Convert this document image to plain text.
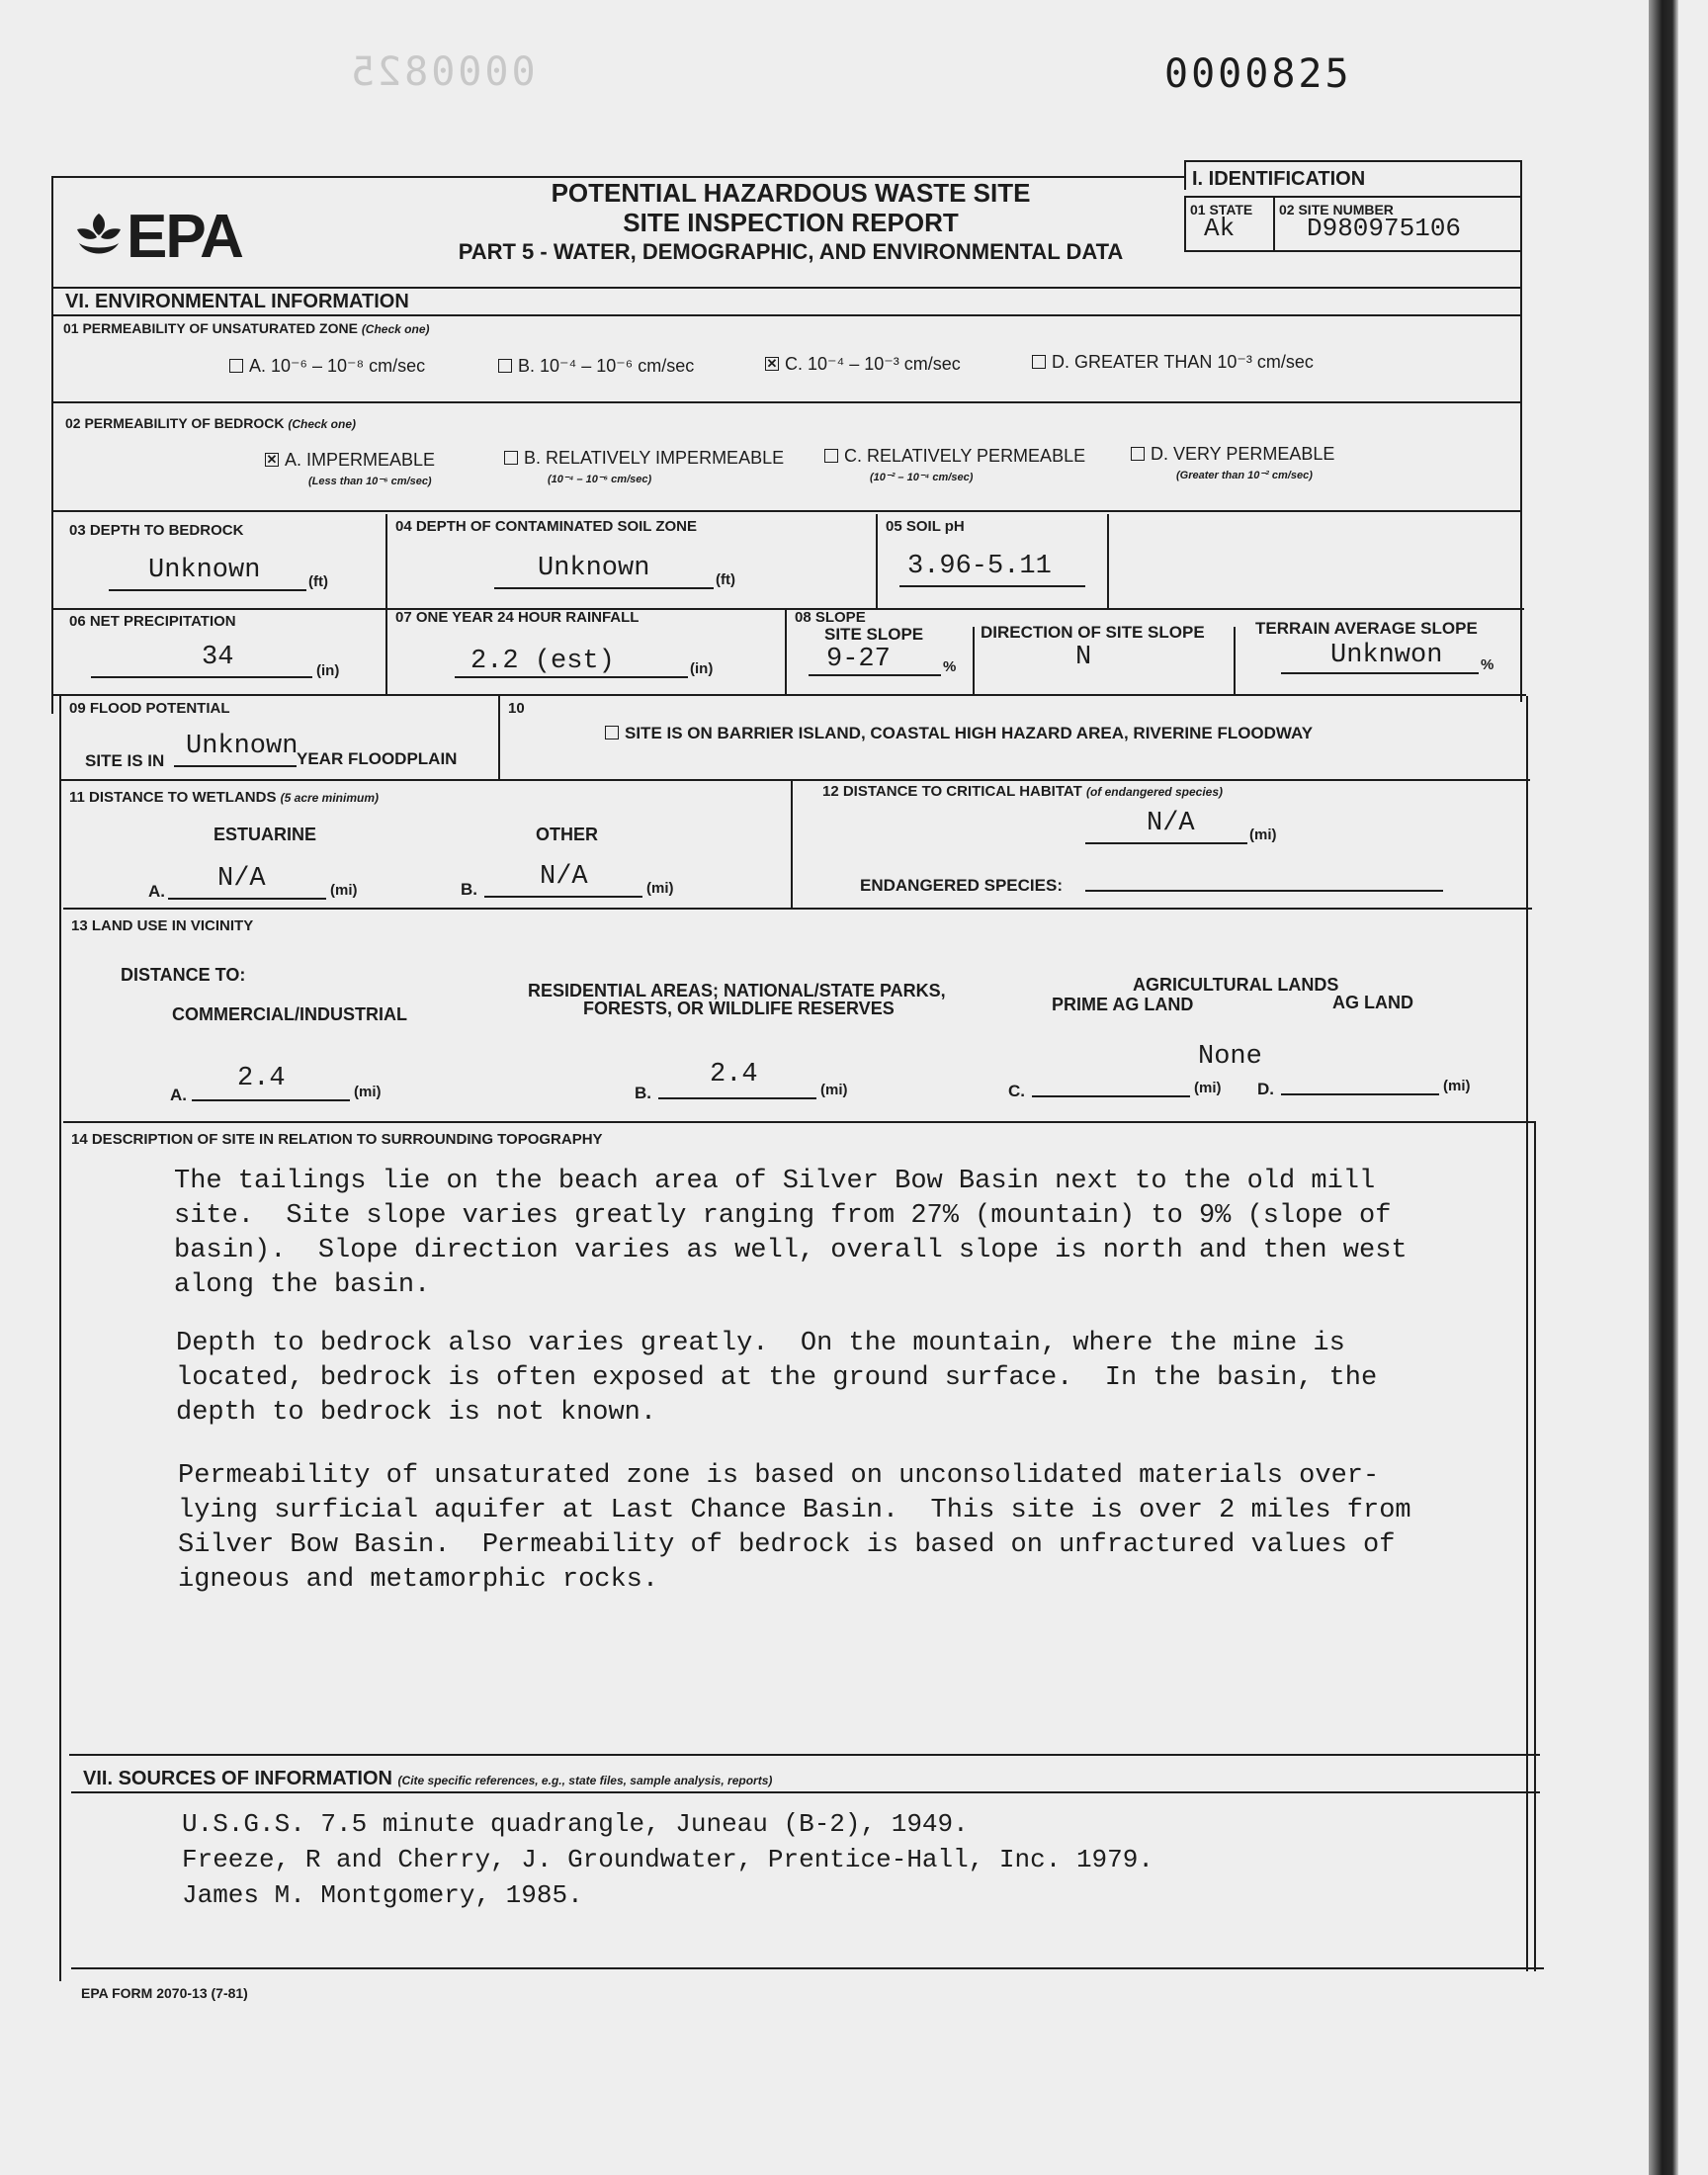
0000825	0000825
EPA
POTENTIAL HAZARDOUS WASTE SITE
SITE INSPECTION REPORT
PART 5 - WATER, DEMOGRAPHIC, AND ENVIRONMENTAL DATA
I. IDENTIFICATION
01 STATE 02 SITE NUMBER
Ak	D980975106
VI. ENVIRONMENTAL INFORMATION
01 PERMEABILITY OF UNSATURATED ZONE (Check one)
A. 10⁻⁶ – 10⁻⁸ cm/sec	B. 10⁻⁴ – 10⁻⁶ cm/sec
✕	C. 10⁻⁴ – 10⁻³ cm/sec	D. GREATER THAN 10⁻³ cm/sec
02 PERMEABILITY OF BEDROCK (Check one)
✕A. IMPERMEABLE
(Less than 10⁻⁶ cm/sec)
B. RELATIVELY IMPERMEABLE
(10⁻⁴ – 10⁻⁶ cm/sec)
C. RELATIVELY PERMEABLE
(10⁻² – 10⁻⁴ cm/sec)
D. VERY PERMEABLE
(Greater than 10⁻² cm/sec)
03 DEPTH TO BEDROCK
Unknown	(ft)
04 DEPTH OF CONTAMINATED SOIL ZONE
Unknown	(ft)
05 SOIL pH
3.96-5.11
06 NET PRECIPITATION
34	(in)
07 ONE YEAR 24 HOUR RAINFALL
2.2 (est)	(in)
08 SLOPE
SITE SLOPE
9-27	%
DIRECTION OF SITE SLOPE
N
TERRAIN AVERAGE SLOPE
Unknwon	%
09 FLOOD POTENTIAL
SITE IS IN Unknown
YEAR FLOODPLAIN
10
SITE IS ON BARRIER ISLAND, COASTAL HIGH HAZARD AREA, RIVERINE FLOODWAY
11 DISTANCE TO WETLANDS (5 acre minimum)
ESTUARINE	OTHER
A. N/A	(mi)	B. N/A	(mi)
12 DISTANCE TO CRITICAL HABITAT (of endangered species)
N/A	(mi)
ENDANGERED SPECIES:
13 LAND USE IN VICINITY
DISTANCE TO:
COMMERCIAL/INDUSTRIAL
RESIDENTIAL AREAS; NATIONAL/STATE PARKS,
FORESTS, OR WILDLIFE RESERVES
AGRICULTURAL LANDS
PRIME AG LAND	AG LAND
A.
2.4	(mi)	B.
2.4
(mi)	C.
None
(mi) D.	(mi)
14 DESCRIPTION OF SITE IN RELATION TO SURROUNDING TOPOGRAPHY
The tailings lie on the beach area of Silver Bow Basin next to the old mill
site.  Site slope varies greatly ranging from 27% (mountain) to 9% (slope of
basin).  Slope direction varies as well, overall slope is north and then west
along the basin.
Depth to bedrock also varies greatly.  On the mountain, where the mine is
located, bedrock is often exposed at the ground surface.  In the basin, the
depth to bedrock is not known.
Permeability of unsaturated zone is based on unconsolidated materials over-
lying surficial aquifer at Last Chance Basin.  This site is over 2 miles from
Silver Bow Basin.  Permeability of bedrock is based on unfractured values of
igneous and metamorphic rocks.
VII. SOURCES OF INFORMATION (Cite specific references, e.g., state files, sample analysis, reports)
U.S.G.S. 7.5 minute quadrangle, Juneau (B-2), 1949.
Freeze, R and Cherry, J. Groundwater, Prentice-Hall, Inc. 1979.
James M. Montgomery, 1985.
EPA FORM 2070-13 (7-81)
